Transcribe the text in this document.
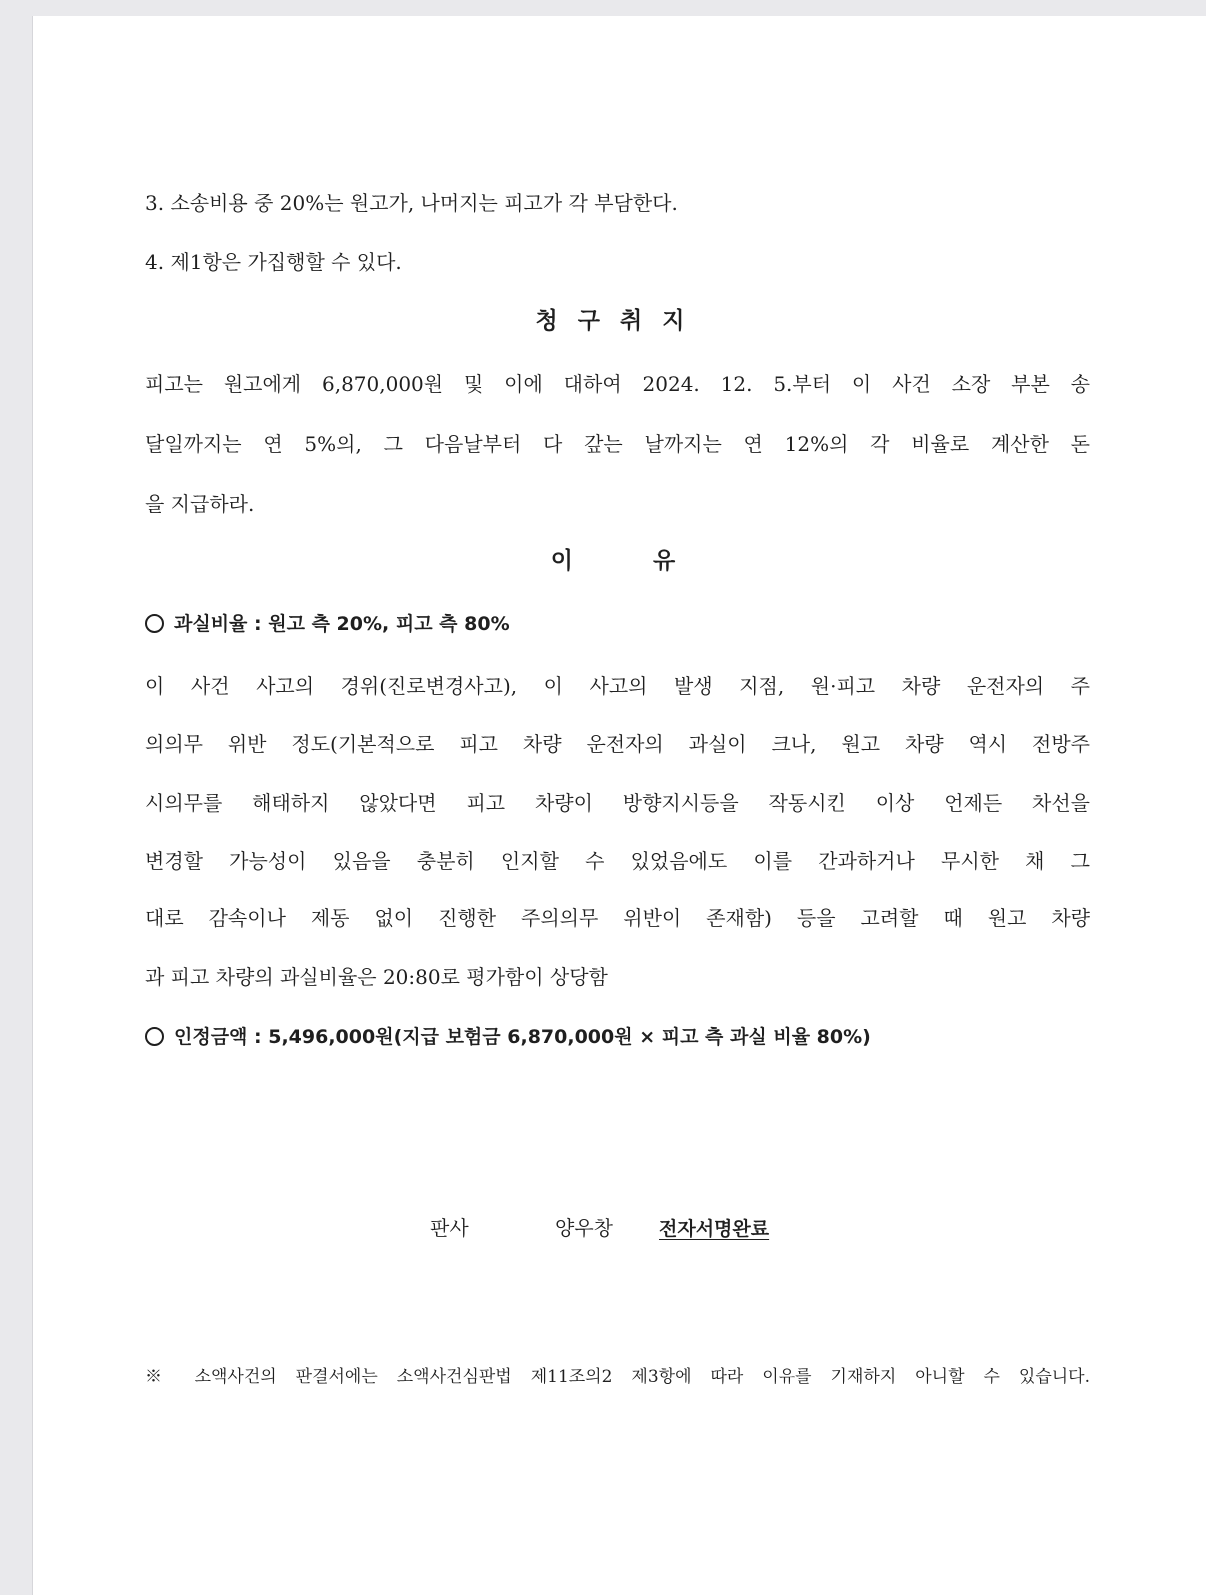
3. 소송비용 중 20%는 원고가, 나머지는 피고가 각 부담한다.
4. 제1항은 가집행할 수 있다.
청 구 취 지
피고는 원고에게 6,870,000원 및 이에 대하여 2024. 12. 5.부터 이 사건 소장 부본 송
달일까지는 연 5%의, 그 다음날부터 다 갚는 날까지는 연 12%의 각 비율로 계산한 돈
을 지급하라.
이 유
과실비율 : 원고 측 20%, 피고 측 80%
이 사건 사고의 경위(진로변경사고), 이 사고의 발생 지점, 원·피고 차량 운전자의 주
의의무 위반 정도(기본적으로 피고 차량 운전자의 과실이 크나, 원고 차량 역시 전방주
시의무를 해태하지 않았다면 피고 차량이 방향지시등을 작동시킨 이상 언제든 차선을
변경할 가능성이 있음을 충분히 인지할 수 있었음에도 이를 간과하거나 무시한 채 그
대로 감속이나 제동 없이 진행한 주의의무 위반이 존재함) 등을 고려할 때 원고 차량
과 피고 차량의 과실비율은 20:80로 평가함이 상당함
인정금액 : 5,496,000원(지급 보험금 6,870,000원 × 피고 측 과실 비율 80%)
판사	양우창 전자서명완료
※ 소액사건의 판결서에는 소액사건심판법 제11조의2 제3항에 따라 이유를 기재하지 아니할 수 있습니다.
